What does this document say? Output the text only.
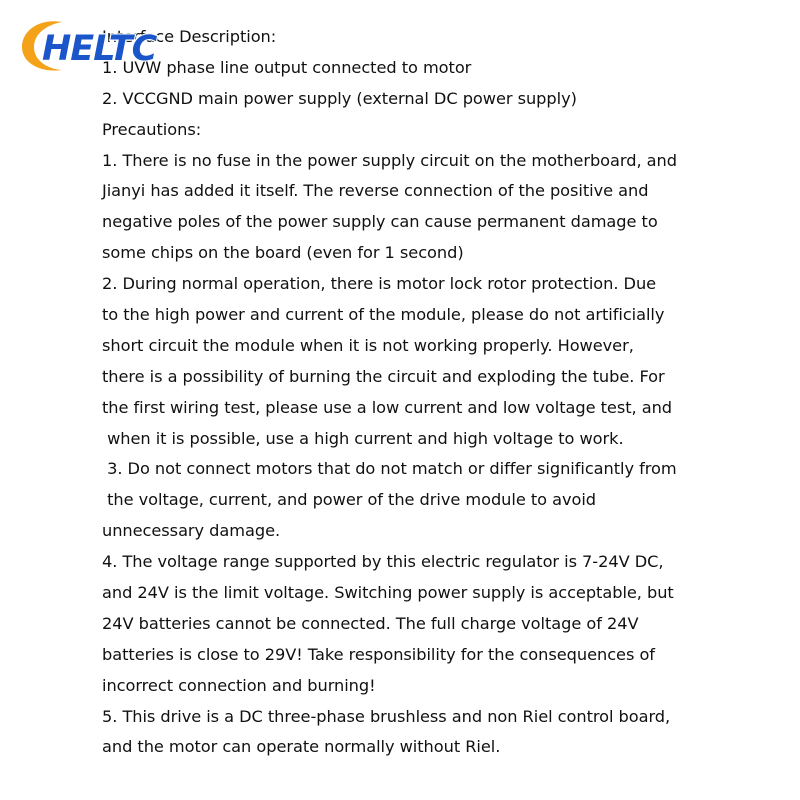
Interface Description:
1. UVW phase line output connected to motor
2. VCCGND main power supply (external DC power supply)
Precautions:
1. There is no fuse in the power supply circuit on the motherboard, and
Jianyi has added it itself. The reverse connection of the positive and
negative poles of the power supply can cause permanent damage to
some chips on the board (even for 1 second)
2. During normal operation, there is motor lock rotor protection. Due
to the high power and current of the module, please do not artificially
short circuit the module when it is not working properly. However,
there is a possibility of burning the circuit and exploding the tube. For
the first wiring test, please use a low current and low voltage test, and
when it is possible, use a high current and high voltage to work.
3. Do not connect motors that do not match or differ significantly from
the voltage, current, and power of the drive module to avoid
unnecessary damage.
4. The voltage range supported by this electric regulator is 7-24V DC,
and 24V is the limit voltage. Switching power supply is acceptable, but
24V batteries cannot be connected. The full charge voltage of 24V
batteries is close to 29V! Take responsibility for the consequences of
incorrect connection and burning!
5. This drive is a DC three-phase brushless and non Riel control board,
and the motor can operate normally without Riel.
HELTC
